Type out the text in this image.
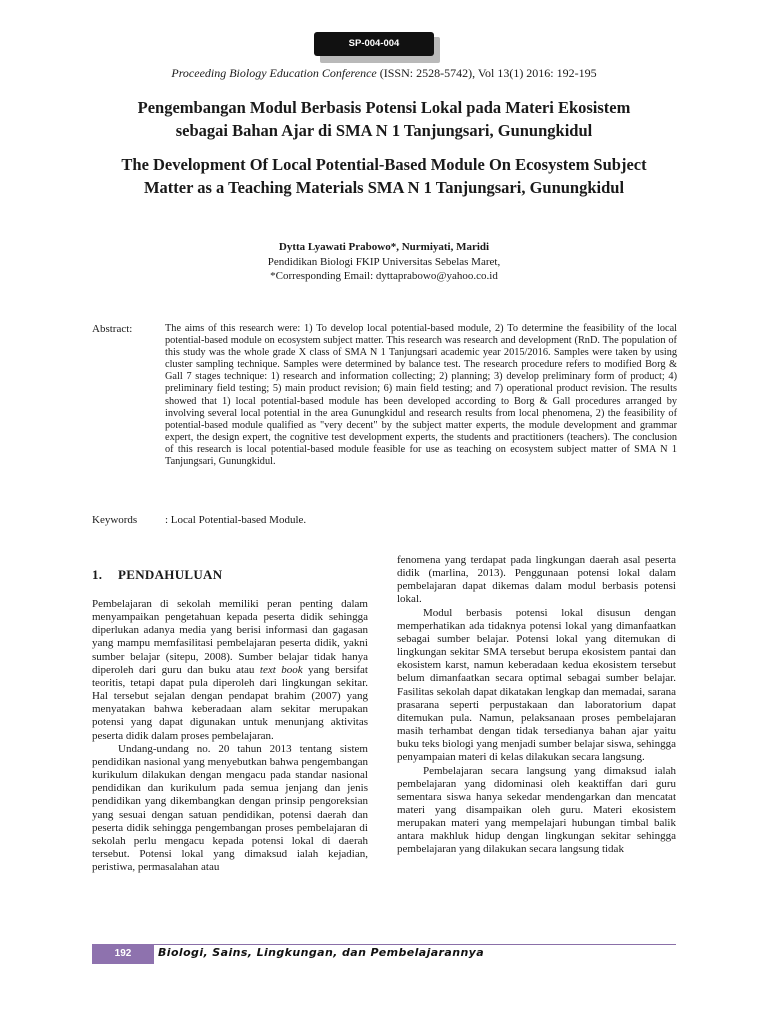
SP-004-004
Proceeding Biology Education Conference (ISSN: 2528-5742), Vol 13(1) 2016: 192-195
Pengembangan Modul Berbasis Potensi Lokal pada Materi Ekosistem
sebagai Bahan Ajar di SMA N 1 Tanjungsari, Gunungkidul
The Development Of Local Potential-Based Module On Ecosystem Subject
Matter as a Teaching Materials SMA N 1 Tanjungsari, Gunungkidul
Dytta Lyawati Prabowo*, Nurmiyati, Maridi
Pendidikan Biologi FKIP Universitas Sebelas Maret,
*Corresponding Email: dyttaprabowo@yahoo.co.id
Abstract:	The aims of this research were: 1) To develop local potential-based module, 2) To determine the feasibility of the local potential-based module on ecosystem subject matter. This research was research and development (RnD. The population of this study was the whole grade X class of SMA N 1 Tanjungsari academic year 2015/2016. Samples were taken by using cluster sampling technique. Samples were determined by balance test. The research procedure refers to modified Borg & Gall 7 stages technique: 1) research and information collecting; 2) planning; 3) develop preliminary form of product; 4) preliminary field testing; 5) main product revision; 6) main field testing; and 7) operational product revision. The results showed that 1) local potential-based module has been developed according to Borg & Gall procedures arranged by involving several local potential in the area Gunungkidul and research results from local phenomena, 2) the feasibility of potential-based module qualified as "very decent" by the subject matter experts, the module development and grammar expert, the design expert, the cognitive test development experts, the students and practitioners (teachers). The conclusion of this research is local potential-based module feasible for use as teaching on ecosystem subject matter of SMA N 1 Tanjungsari, Gunungkidul.

Keywords	: Local Potential-based Module.
1. PENDAHULUAN

Pembelajaran di sekolah memiliki peran penting dalam menyampaikan pengetahuan kepada peserta didik sehingga diperlukan adanya media yang berisi informasi dan gagasan yang mampu memfasilitasi pembelajaran peserta didik, yakni sumber belajar (sitepu, 2008). Sumber belajar tidak hanya diperoleh dari guru dan buku atau text book yang bersifat teoritis, tetapi dapat pula diperoleh dari lingkungan sekitar. Hal tersebut sejalan dengan pendapat brahim (2007) yang menyatakan bahwa keberadaan alam sekitar merupakan potensi yang dapat digunakan untuk menunjang aktivitas peserta didik dalam proses pembelajaran.

Undang-undang no. 20 tahun 2013 tentang sistem pendidikan nasional yang menyebutkan bahwa pengembangan kurikulum dilakukan dengan mengacu pada standar nasional pendidikan dan kurikulum pada semua jenjang dan jenis pendidikan yang dikembangkan dengan prinsip pengoreksian yang sesuai dengan satuan pendidikan, potensi daerah dan peserta didik sehingga pengembangan proses pembelajaran di sekolah perlu mengacu kepada potensi lokal di daerah tersebut. Potensi lokal yang dimaksud ialah kejadian, peristiwa, permasalahan atau

fenomena yang terdapat pada lingkungan daerah asal peserta didik (marlina, 2013). Penggunaan potensi lokal dalam pembelajaran dapat dikemas dalam modul berbasis potensi lokal.

Modul berbasis potensi lokal disusun dengan memperhatikan ada tidaknya potensi lokal yang dimanfaatkan sebagai sumber belajar. Potensi lokal yang ditemukan di lingkungan sekitar SMA tersebut berupa ekosistem pantai dan ekosistem karst, namun keberadaan kedua ekosistem tersebut belum dimanfaatkan secara optimal sebagai sumber belajar. Fasilitas sekolah dapat dikatakan lengkap dan memadai, sarana prasarana seperti perpustakaan dan laboratorium dapat ditemukan pula. Namun, pelaksanaan proses pembelajaran masih terhambat dengan tidak tersedianya bahan ajar yaitu buku teks biologi yang menjadi sumber belajar siswa, sehingga penyampaian materi di kelas dilakukan secara langsung.

Pembelajaran secara langsung yang dimaksud ialah pembelajaran yang didominasi oleh keaktiffan dari guru sementara siswa hanya sekedar mendengarkan dan mencatat materi yang disampaikan oleh guru. Materi ekosistem merupakan materi yang mempelajari hubungan timbal balik antara makhluk hidup dengan lingkungan sekitar sehingga pembelajaran yang dilakukan secara langsung tidak

192	Biologi, Sains, Lingkungan, dan Pembelajarannya
